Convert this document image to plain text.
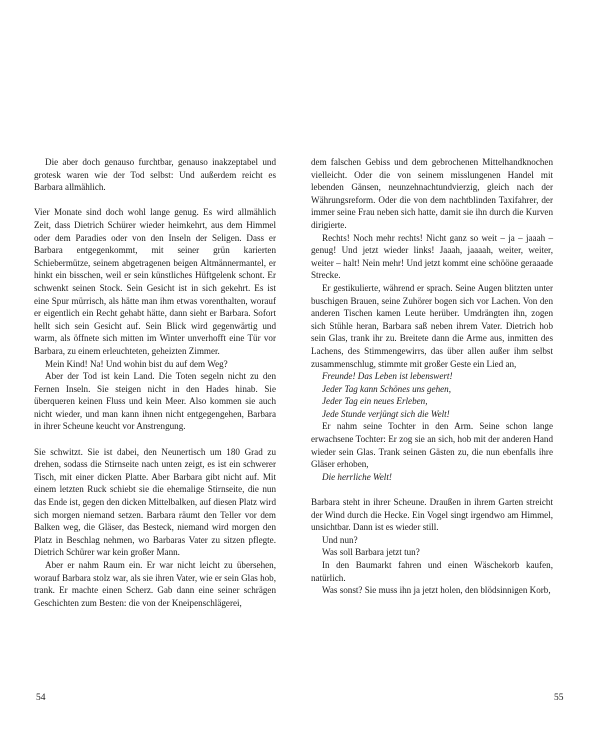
Die aber doch genauso furchtbar, genauso inakzeptabel und grotesk waren wie der Tod selbst: Und außerdem reicht es Barbara allmählich.

Vier Monate sind doch wohl lange genug. Es wird allmählich Zeit, dass Dietrich Schürer wieder heimkehrt, aus dem Himmel oder dem Paradies oder von den Inseln der Seligen. Dass er Barbara entgegenkommt, mit seiner grün karierten Schiebermütze, seinem abgetragenen beigen Altmännermantel, er hinkt ein bisschen, weil er sein künstliches Hüftgelenk schont. Er schwenkt seinen Stock. Sein Gesicht ist in sich gekehrt. Es ist eine Spur mürrisch, als hätte man ihm etwas vorenthalten, worauf er eigentlich ein Recht gehabt hätte, dann sieht er Barbara. Sofort hellt sich sein Gesicht auf. Sein Blick wird gegenwärtig und warm, als öffnete sich mitten im Winter unverhofft eine Tür vor Barbara, zu einem erleuchteten, geheizten Zimmer.

Mein Kind! Na! Und wohin bist du auf dem Weg?

Aber der Tod ist kein Land. Die Toten segeln nicht zu den Fernen Inseln. Sie steigen nicht in den Hades hinab. Sie überqueren keinen Fluss und kein Meer. Also kommen sie auch nicht wieder, und man kann ihnen nicht entgegengehen, Barbara in ihrer Scheune keucht vor Anstrengung.

Sie schwitzt. Sie ist dabei, den Neunertisch um 180 Grad zu drehen, sodass die Stirnseite nach unten zeigt, es ist ein schwerer Tisch, mit einer dicken Platte. Aber Barbara gibt nicht auf. Mit einem letzten Ruck schiebt sie die ehemalige Stirnseite, die nun das Ende ist, gegen den dicken Mittelbalken, auf diesen Platz wird sich morgen niemand setzen. Barbara räumt den Teller vor dem Balken weg, die Gläser, das Besteck, niemand wird morgen den Platz in Beschlag nehmen, wo Barbaras Vater zu sitzen pflegte. Dietrich Schürer war kein großer Mann.

Aber er nahm Raum ein. Er war nicht leicht zu übersehen, worauf Barbara stolz war, als sie ihren Vater, wie er sein Glas hob, trank. Er machte einen Scherz. Gab dann eine seiner schrägen Geschichten zum Besten: die von der Kneipenschlägerei,

54

dem falschen Gebiss und dem gebrochenen Mittelhandknochen vielleicht. Oder die von seinem misslungenen Handel mit lebenden Gänsen, neunzehnachtundvierzig, gleich nach der Währungsreform. Oder die von dem nachtblinden Taxifahrer, der immer seine Frau neben sich hatte, damit sie ihn durch die Kurven dirigierte.

Rechts! Noch mehr rechts! Nicht ganz so weit – ja – jaaah – genug! Und jetzt wieder links! Jaaah, jaaaah, weiter, weiter, weiter – halt! Nein mehr! Und jetzt kommt eine schööne geraaade Strecke.

Er gestikulierte, während er sprach. Seine Augen blitzten unter buschigen Brauen, seine Zuhörer bogen sich vor Lachen. Von den anderen Tischen kamen Leute herüber. Umdrängten ihn, zogen sich Stühle heran, Barbara saß neben ihrem Vater. Dietrich hob sein Glas, trank ihr zu. Breitete dann die Arme aus, inmitten des Lachens, des Stimmengewirrs, das über allen außer ihm selbst zusammenschlug, stimmte mit großer Geste ein Lied an,

Freunde! Das Leben ist lebenswert!

Jeder Tag kann Schönes uns gehen,

Jeder Tag ein neues Erleben,

Jede Stunde verjüngt sich die Welt!

Er nahm seine Tochter in den Arm. Seine schon lange erwachsene Tochter: Er zog sie an sich, hob mit der anderen Hand wieder sein Glas. Trank seinen Gästen zu, die nun ebenfalls ihre Gläser erhoben,

Die herrliche Welt!

Barbara steht in ihrer Scheune. Draußen in ihrem Garten streicht der Wind durch die Hecke. Ein Vogel singt irgendwo am Himmel, unsichtbar. Dann ist es wieder still.

Und nun?

Was soll Barbara jetzt tun?

In den Baumarkt fahren und einen Wäschekorb kaufen, natürlich.

Was sonst? Sie muss ihn ja jetzt holen, den blödsinnigen Korb,

55
